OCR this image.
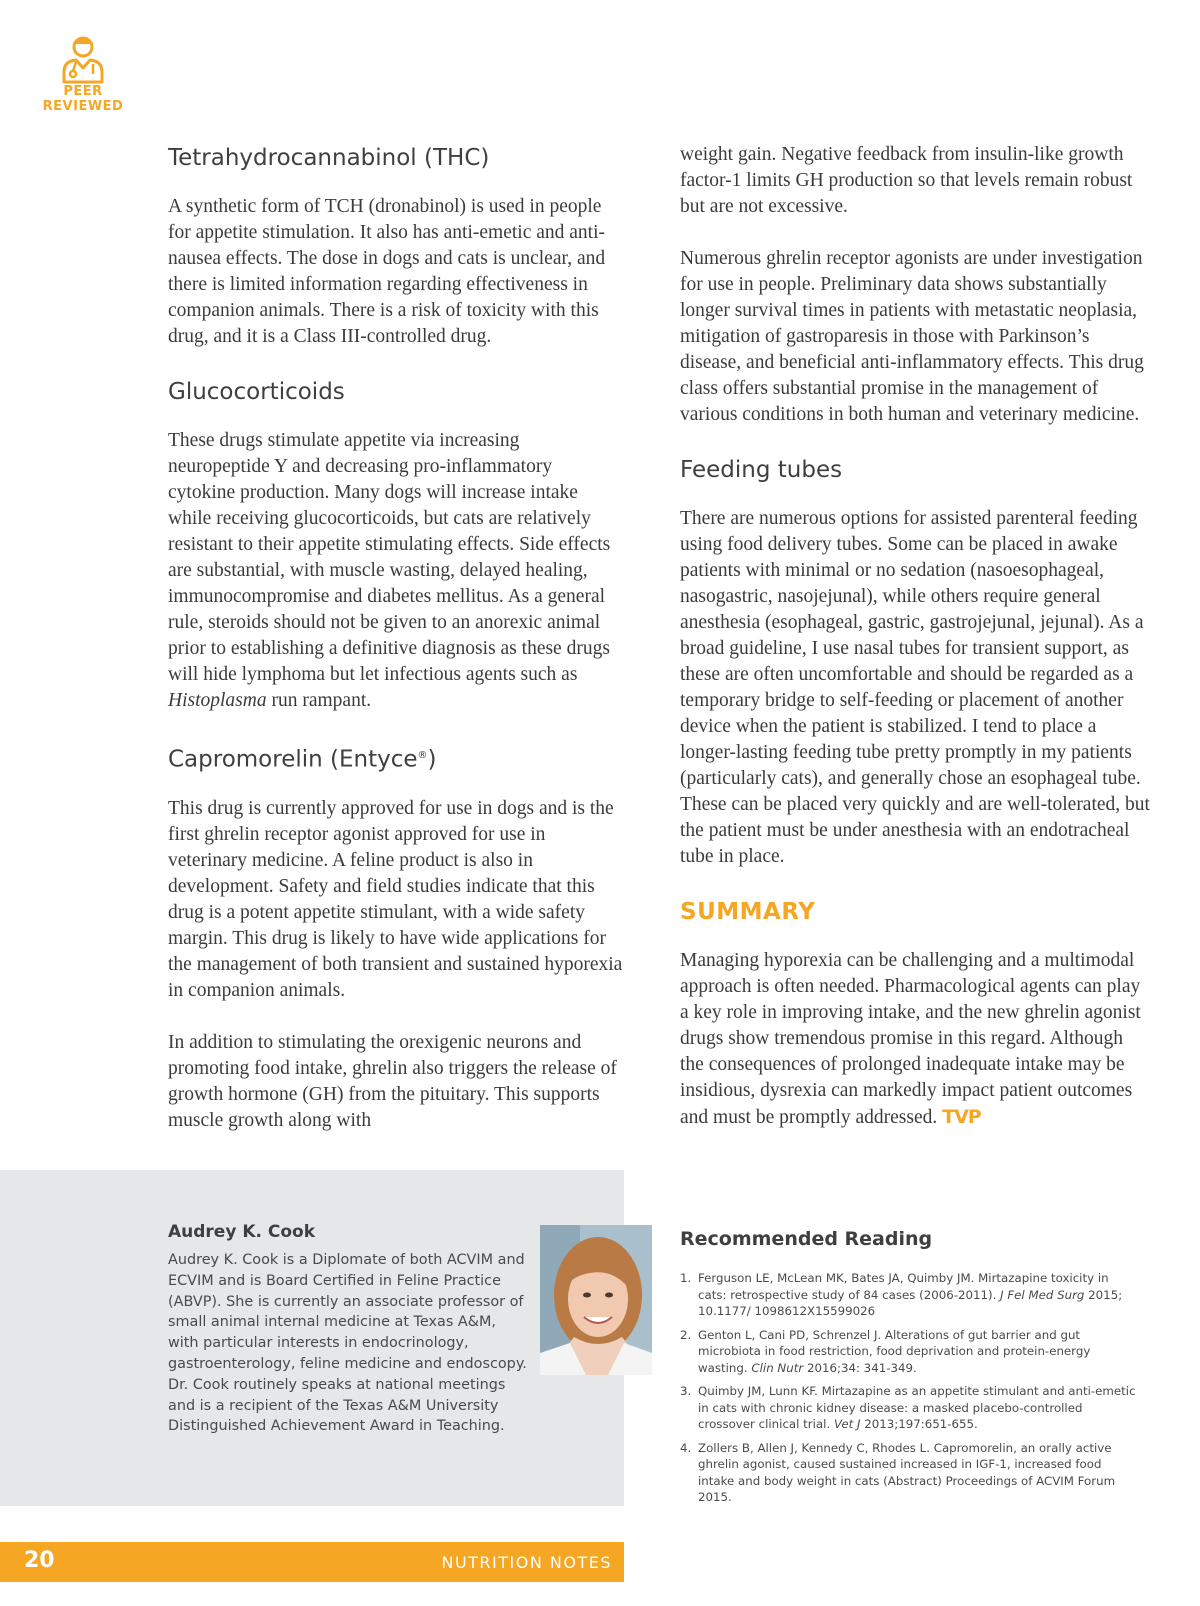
PEER
REVIEWED
Tetrahydrocannabinol (THC)

A synthetic form of TCH (dronabinol) is used in people for appetite stimulation. It also has anti-emetic and anti-nausea effects. The dose in dogs and cats is unclear, and there is limited information regarding effectiveness in companion animals. There is a risk of toxicity with this drug, and it is a Class III-controlled drug.

Glucocorticoids

These drugs stimulate appetite via increasing neuropeptide Y and decreasing pro-inflammatory cytokine production. Many dogs will increase intake while receiving glucocorticoids, but cats are relatively resistant to their appetite stimulating effects. Side effects are substantial, with muscle wasting, delayed healing, immunocompromise and diabetes mellitus. As a general rule, steroids should not be given to an anorexic animal prior to establishing a definitive diagnosis as these drugs will hide lymphoma but let infectious agents such as Histoplasma run rampant.

Capromorelin (Entyce®)

This drug is currently approved for use in dogs and is the first ghrelin receptor agonist approved for use in veterinary medicine. A feline product is also in development. Safety and field studies indicate that this drug is a potent appetite stimulant, with a wide safety margin. This drug is likely to have wide applications for the management of both transient and sustained hyporexia in companion animals.

In addition to stimulating the orexigenic neurons and promoting food intake, ghrelin also triggers the release of growth hormone (GH) from the pituitary. This supports muscle growth along with

weight gain. Negative feedback from insulin-like growth factor-1 limits GH production so that levels remain robust but are not excessive.

Numerous ghrelin receptor agonists are under investigation for use in people. Preliminary data shows substantially longer survival times in patients with metastatic neoplasia, mitigation of gastroparesis in those with Parkinson’s disease, and beneficial anti-inflammatory effects. This drug class offers substantial promise in the management of various conditions in both human and veterinary medicine.

Feeding tubes

There are numerous options for assisted parenteral feeding using food delivery tubes. Some can be placed in awake patients with minimal or no sedation (nasoesophageal, nasogastric, nasojejunal), while others require general anesthesia (esophageal, gastric, gastrojejunal, jejunal). As a broad guideline, I use nasal tubes for transient support, as these are often uncomfortable and should be regarded as a temporary bridge to self-feeding or placement of another device when the patient is stabilized. I tend to place a longer-lasting feeding tube pretty promptly in my patients (particularly cats), and generally chose an esophageal tube. These can be placed very quickly and are well-tolerated, but the patient must be under anesthesia with an endotracheal tube in place.

SUMMARY

Managing hyporexia can be challenging and a multimodal approach is often needed. Pharmacological agents can play a key role in improving intake, and the new ghrelin agonist drugs show tremendous promise in this regard. Although the consequences of prolonged inadequate intake may be insidious, dysrexia can markedly impact patient outcomes and must be promptly addressed. TVP

Audrey K. Cook
Audrey K. Cook is a Diplomate of both ACVIM and ECVIM and is Board Certified in Feline Practice (ABVP). She is currently an associate professor of small animal internal medicine at Texas A&M, with particular interests in endocrinology, gastroenterology, feline medicine and endoscopy. Dr. Cook routinely speaks at national meetings and is a recipient of the Texas A&M University Distinguished Achievement Award in Teaching.
Recommended Reading
1. Ferguson LE, McLean MK, Bates JA, Quimby JM. Mirtazapine toxicity in cats: retrospective study of 84 cases (2006-2011). J Fel Med Surg 2015; 10.1177/ 1098612X15599026
2. Genton L, Cani PD, Schrenzel J. Alterations of gut barrier and gut microbiota in food restriction, food deprivation and protein-energy wasting. Clin Nutr 2016;34: 341-349.
3. Quimby JM, Lunn KF. Mirtazapine as an appetite stimulant and anti-emetic in cats with chronic kidney disease: a masked placebo-controlled crossover clinical trial. Vet J 2013;197:651-655.
4. Zollers B, Allen J, Kennedy C, Rhodes L. Capromorelin, an orally active ghrelin agonist, caused sustained increased in IGF-1, increased food intake and body weight in cats (Abstract) Proceedings of ACVIM Forum 2015.
20	NUTRITION NOTES
